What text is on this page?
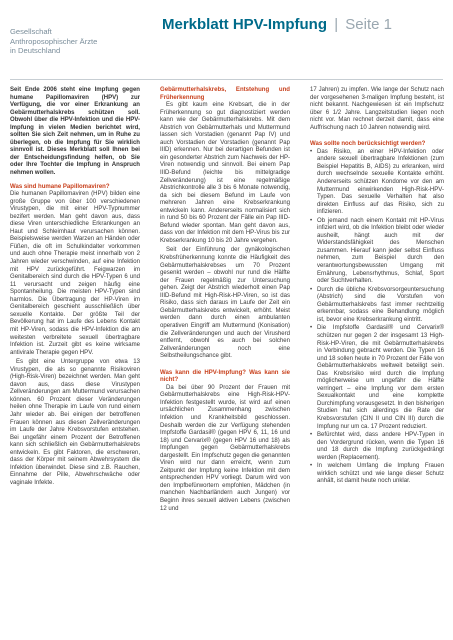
Gesellschaft
Anthroposophischer Ärzte
in Deutschland
Merkblatt HPV-Impfung | Seite 1

Seit Ende 2006 steht eine Impfung gegen humane Papillomaviren (HPV) zur Verfügung, die vor einer Erkrankung an Gebärmutterhalskrebs schützen soll. Obwohl über die HPV-Infektion und die HPV-Impfung in vielen Medien berichtet wird, sollten Sie sich Zeit nehmen, um in Ruhe zu überlegen, ob die Impfung für Sie wirklich sinnvoll ist. Dieses Merkblatt soll Ihnen bei der Entscheidungsfindung helfen, ob Sie oder Ihre Tochter die Impfung in Anspruch nehmen wollen.

Was sind humane Papillomaviren?

Die humanen Papillomaviren (HPV) bilden eine große Gruppe von über 100 verschiedenen Virustypen, die mit einer HPV-Typnummer bezifert werden. Man geht davon aus, dass diese Viren unterschiedliche Erkrankungen an Haut und Schleimhaut verursachen können. Beispielsweise werden Warzen an Händen oder Füßen, die oft im Schulkindalter vorkommen und auch ohne Therapie meist innerhalb von 2 Jahren wieder verschwinden, auf eine Infektion mit HPV zurückgeführt. Feigwarzen im Genitalbereich sind durch die HPV-Typen 6 und 11 verursacht und zeigen häufig eine Spontanheilung. Die meisten HPV-Typen sind harmlos. Die Übertragung der HP-Viren im Genitalbereich geschieht ausschließlich über sexuelle Kontakte. Der größte Teil der Bevölkerung hat im Laufe des Lebens Kontakt mit HP-Viren, sodass die HPV-Infektion die am weitesten verbreitete sexuell übertragbare Infektion ist. Zurzeit gibt es keine wirksame antivirale Therapie gegen HPV.

Es gibt eine Untergruppe von etwa 13 Virustypen, die als so genannte Risikoviren (High-Risk-Viren) bezeichnet werden. Man geht davon aus, dass diese Virustypen Zellveränderungen am Muttermund verursachen können. 60 Prozent dieser Veränderungen heilen ohne Therapie im Laufe von rund einem Jahr wieder ab. Bei einigen der betroffenen Frauen können aus diesen Zellveränderungen im Laufe der Jahre Krebsvorstufen entstehen. Bei ungefähr einem Prozent der Betroffenen kann sich schließlich ein Gebärmutterhalskrebs entwickeln. Es gibt Faktoren, die erschweren, dass der Körper mit seinem Abwehrsystem die Infektion überwindet. Diese sind z.B. Rauchen, Einnahme der Pille, Abwehrschwäche oder vaginale Infekte.

Gebärmutterhalskrebs, Entstehung und Früherkennung

Es gibt kaum eine Krebsart, die in der Früherkennung so gut diagnostiziert werden kann wie der Gebärmutterhalskrebs. Mit dem Abstrich von Gebärmutterhals und Muttermund lassen sich Vorstadien (genannt Pap IV) und auch Vorstadien der Vorstadien (genannt Pap IIID) erkennen. Nur bei derartigen Befunden ist ein gesonderter Abstrich zum Nachweis der HP-Viren notwendig und sinnvoll. Bei einem Pap IIID-Befund (leichte bis mittelgradige Zellveränderung) ist eine regelmäßige Abstrichkontrolle alle 3 bis 6 Monate notwendig, da sich bei diesem Befund im Laufe von mehreren Jahren eine Krebserkrankung entwickeln kann. Andererseits normalisiert sich in rund 50 bis 60 Prozent der Fälle ein Pap IIID-Befund wieder spontan. Man geht davon aus, dass von der Infektion mit dem HP-Virus bis zur Krebserkrankung 10 bis 20 Jahre vergehen.

Seit der Einführung der gynäkologischen Krebsfrüherkennung konnte die Häufigkeit des Gebärmutterhalskrebses um 70 Prozent gesenkt werden – obwohl nur rund die Hälfte der Frauen regelmäßig zur Untersuchung gehen. Zeigt der Abstrich wiederholt einen Pap IIID-Befund mit High-Risk-HP-Viren, so ist das Risiko, dass sich daraus im Laufe der Zeit ein Gebärmutterhalskrebs entwickelt, erhöht. Meist werden dann durch einen ambulanten operativen Eingriff am Muttermund (Konisation) die Zellveränderungen und auch der Virusherd entfernt, obwohl es auch bei solchen Zellveränderungen noch eine Selbstheilungschance gibt.

Was kann die HPV-Impfung? Was kann sie nicht?

Da bei über 90 Prozent der Frauen mit Gebärmutterhalskrebs eine High-Risk-HPV-Infektion festgestellt wurde, ist wird auf einen ursächlichen Zusammenhang zwischen Infektion und Krankheitsbild geschlossen. Deshalb werden die zur Verfügung stehenden Impfstoffe Gardasil® (gegen HPV 6, 11, 16 und 18) und Cervarix® (gegen HPV 16 und 18) als Impfungen gegen Gebärmutterhalskrebs dargestellt. Ein Impfschutz gegen die genannten Viren wird nur dann erreicht, wenn zum Zeitpunkt der Impfung keine Infektion mit dem entsprechenden HPV vorliegt. Darum wird von den Impfbefürwortern empfohlen, Mädchen (in manchen Nachbarländern auch Jungen) vor Beginn ihres sexuell aktiven Lebens (zwischen 12 und

17 Jahren) zu impfen. Wie lange der Schutz nach der vorgesehenen 3-maligen Impfung besteht, ist nicht bekannt. Nachgewiesen ist ein Impfschutz über 6 1/2 Jahre. Langzeitstudien liegen noch nicht vor. Man rechnet derzeit damit, dass eine Auffrischung nach 10 Jahren notwendig wird.

Was sollte noch berücksichtigt werden?

• Das Risiko, an einer HPV-Infektion oder andere sexuell übertragbare Infektionen (zum Beispiel Hepatitis B, AIDS) zu erkranken, wird durch wechselnde sexuelle Kontakte erhöht. Andererseits schützen Kondome vor den am Muttermund einwirkenden High-Risk-HPV-Typen. Das sexuelle Verhalten hat also direkten Einfluss auf das Risiko, sich zu infizieren.
• Ob jemand nach einem Kontakt mit HP-Virus infiziert wird, ob die Infektion bleibt oder wieder ausheilt, hängt auch mit der Widerstandsfähigkeit des Menschen zusammen. Hierauf kann jeder selbst Einfluss nehmen, zum Beispiel durch den verantwortungsbewussten Umgang mit Ernährung, Lebensrhythmus, Schlaf, Sport oder Suchtverhalten.
• Durch die übliche Krebsvorsorgeuntersuchung (Abstrich) sind die Vorstufen von Gebärmutterhalskrebs fast immer rechtzeitig erkennbar, sodass eine Behandlung möglich ist, bevor eine Krebserkrankung eintritt.
• Die Impfstoffe Gardasil® und Cervarix® schützen nur gegen 2 der insgesamt 13 High-Risk-HP-Viren, die mit Gebärmutterhalskrebs in Verbindung gebracht werden. Die Typen 16 und 18 sollen heute in 70 Prozent der Fälle von Gebärmutterhalskrebs weltweit beteiligt sein. Das Krebsrisiko wird durch die Impfung möglicherweise um ungefähr die Hälfte verringert – eine Impfung vor dem ersten Sexualkontakt und eine komplette Durchimpfung vorausgesetzt. In den bisherigen Studien hat sich allerdings die Rate der Krebsvorstufen (CIN II und CIN III) durch die Impfung nur um ca. 17 Prozent reduziert.
• Befürchtet wird, dass andere HPV-Typen in den Vordergrund rücken, wenn die Typen 16 und 18 durch die Impfung zurückgedrängt werden (Replacement).
• In welchem Umfang die Impfung Frauen wirklich schützt und wie lange dieser Schutz anhält, ist damit heute noch unklar.
